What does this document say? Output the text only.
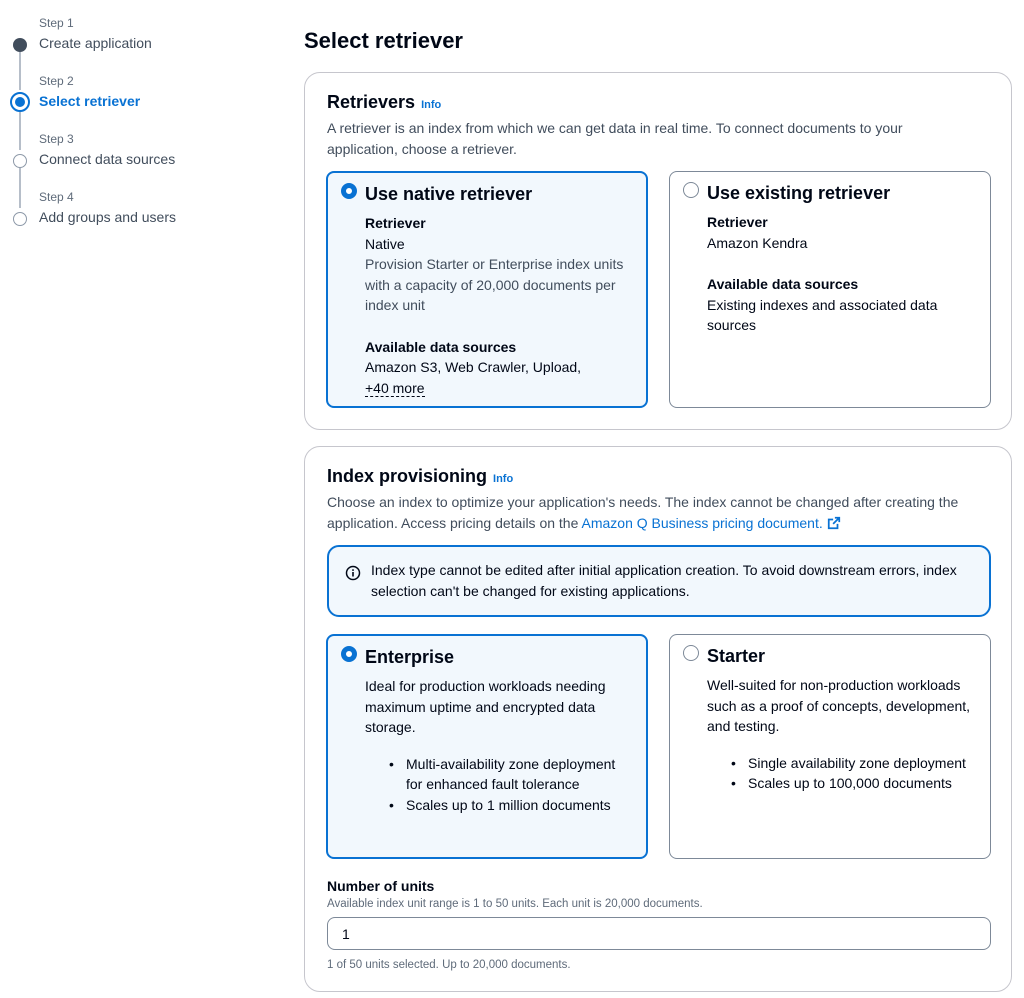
Step 1
Create application
Step 2
Select retriever
Step 3
Connect data sources
Step 4
Add groups and users
Select retriever
Retrievers Info

A retriever is an index from which we can get data in real time. To connect documents to your application, choose a retriever.

Use native retriever
Retriever
Native
Provision Starter or Enterprise index units with a capacity of 20,000 documents per index unit
Available data sources
Amazon S3, Web Crawler, Upload,
+40 more
Use existing retriever
Retriever
Amazon Kendra
Available data sources
Existing indexes and associated data sources
Index provisioning Info

Choose an index to optimize your application's needs. The index cannot be changed after creating the application. Access pricing details on the Amazon Q Business pricing document.

Index type cannot be edited after initial application creation. To avoid downstream errors, index selection can't be changed for existing applications.
Enterprise
Ideal for production workloads needing maximum uptime and encrypted data storage.
• Multi-availability zone deployment for enhanced fault tolerance
• Scales up to 1 million documents
Starter
Well-suited for non-production workloads such as a proof of concepts, development, and testing.
• Single availability zone deployment
• Scales up to 100,000 documents
Number of units
Available index unit range is 1 to 50 units. Each unit is 20,000 documents.
1
1 of 50 units selected. Up to 20,000 documents.
